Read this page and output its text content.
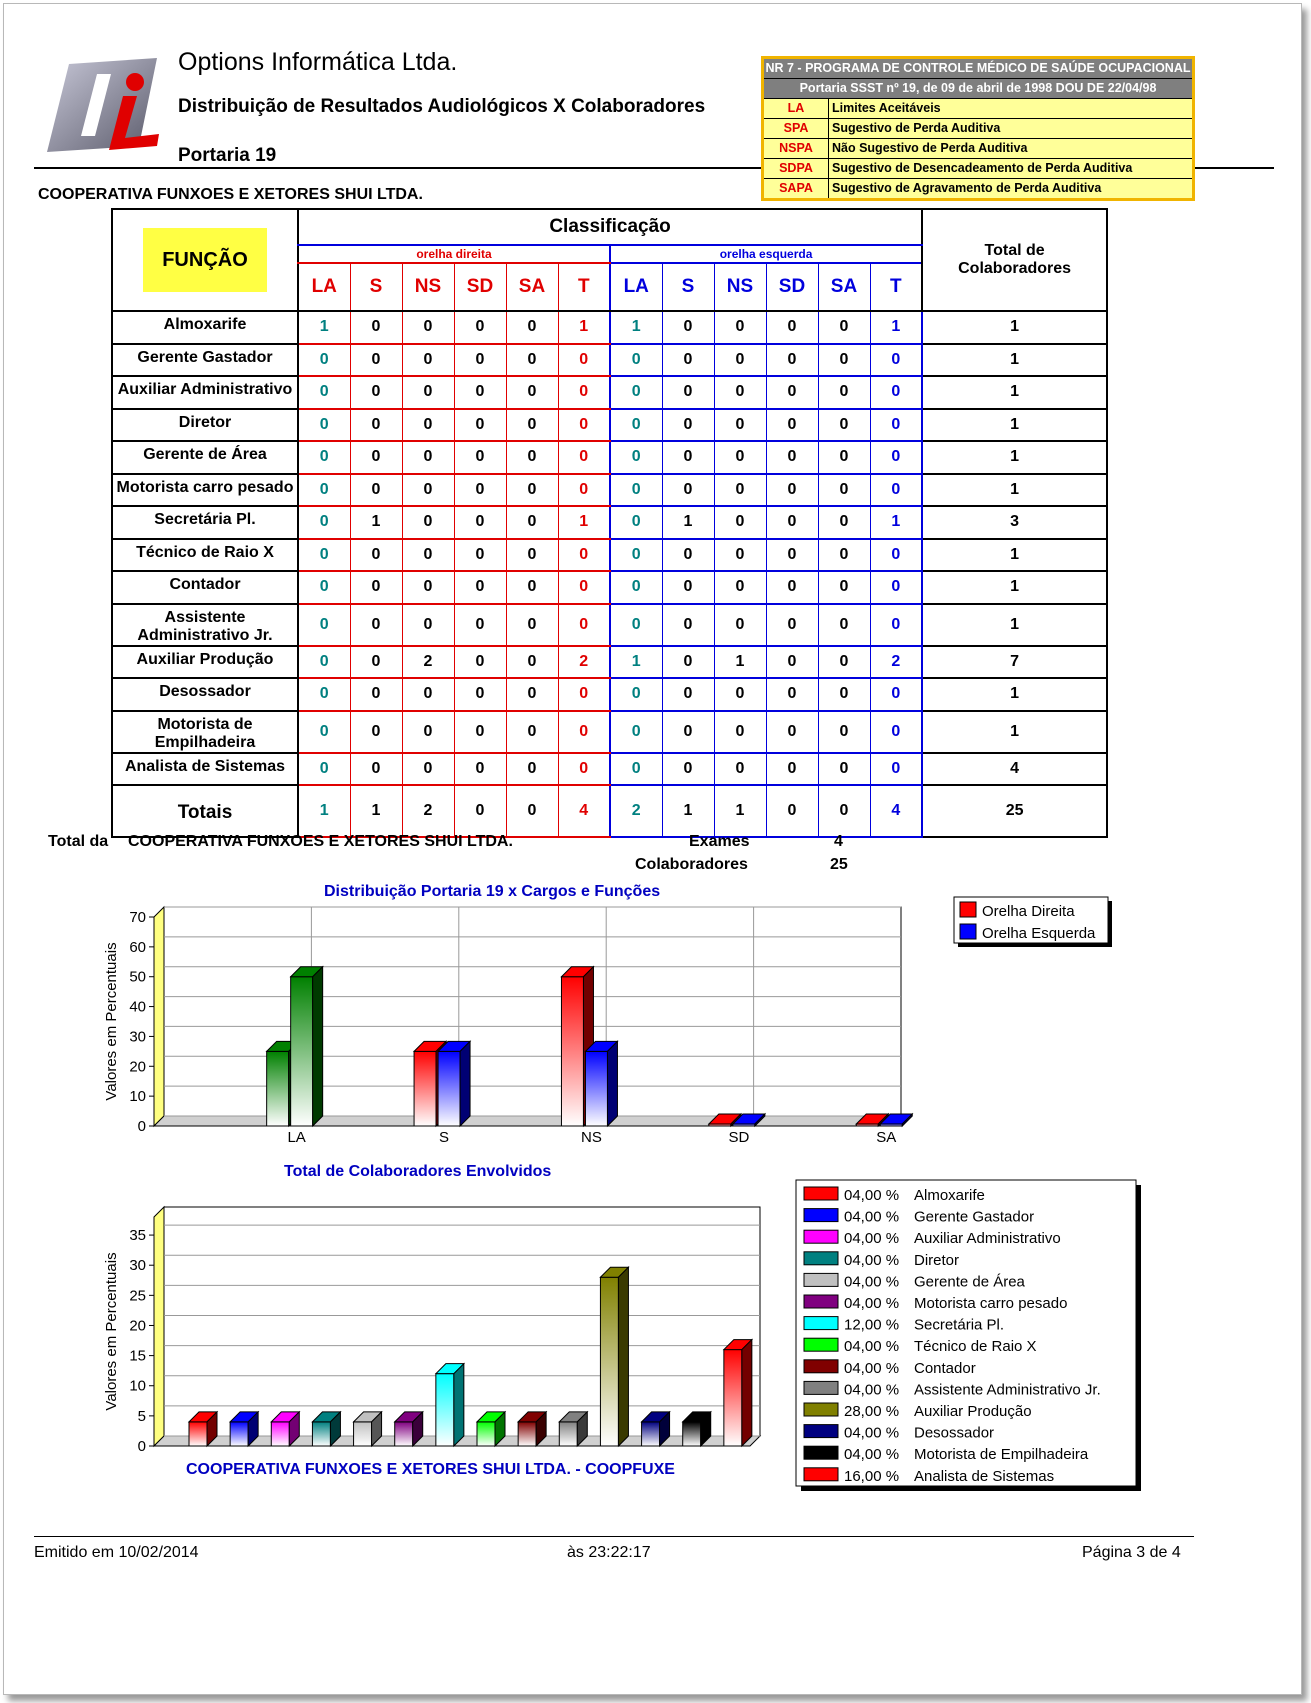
Options Informática Ltda.
Distribuição de Resultados Audiológicos X Colaboradores
Portaria 19
COOPERATIVA FUNXOES E XETORES SHUI LTDA.
NR 7 - PROGRAMA DE CONTROLE MÉDICO DE SAÚDE OCUPACIONAL
Portaria SSST nº 19, de 09 de abril de 1998 DOU DE 22/04/98
LA	Limites Aceitáveis
SPA	Sugestivo de Perda Auditiva
NSPA	Não Sugestivo de Perda Auditiva
SDPA	Sugestivo de Desencadeamento de Perda Auditiva
SAPA	Sugestivo de Agravamento de Perda Auditiva
FUNÇÃO	Classificação												Total de
Colaboradores

	orelha direita						orelha esquerda						
	LA	S	NS	SD	SA	T	LA	S	NS	SD	SA	T	
Almoxarife	1	0	0	0	0	1	1	0	0	0	0	1	1
Gerente Gastador	0	0	0	0	0	0	0	0	0	0	0	0	1
Auxiliar Administrativo	0	0	0	0	0	0	0	0	0	0	0	0	1
Diretor	0	0	0	0	0	0	0	0	0	0	0	0	1
Gerente de Área	0	0	0	0	0	0	0	0	0	0	0	0	1
Motorista carro pesado	0	0	0	0	0	0	0	0	0	0	0	0	1
Secretária Pl.	0	1	0	0	0	1	0	1	0	0	0	1	3
Técnico de Raio X	0	0	0	0	0	0	0	0	0	0	0	0	1
Contador	0	0	0	0	0	0	0	0	0	0	0	0	1
Assistente Administrativo Jr.	0	0	0	0	0	0	0	0	0	0	0	0	1
Auxiliar Produção	0	0	2	0	0	2	1	0	1	0	0	2	7
Desossador	0	0	0	0	0	0	0	0	0	0	0	0	1
Motorista de Empilhadeira	0	0	0	0	0	0	0	0	0	0	0	0	1
Analista de Sistemas	0	0	0	0	0	0	0	0	0	0	0	0	4
Totais	1	1	2	0	0	4	2	1	1	0	0	4	25
Total da COOPERATIVA FUNXOES E XETORES SHUI LTDA.	Exames	4
Colaboradores	25
0
10
20
30
40
50
60
70
LA	S	NS	SD	SA
Distribuição Portaria 19 x Cargos e Funções
Valores em Percentuais
Orelha Direita
Orelha Esquerda
0
5
10
15
20
25
30
35
Total de Colaboradores Envolvidos
COOPERATIVA FUNXOES E XETORES SHUI LTDA. - COOPFUXE
Valores em Percentuais
04,00 % Almoxarife
04,00 % Gerente Gastador
04,00 % Auxiliar Administrativo
04,00 % Diretor
04,00 % Gerente de Área
04,00 % Motorista carro pesado
12,00 % Secretária Pl.
04,00 % Técnico de Raio X
04,00 % Contador
04,00 % Assistente Administrativo Jr.
28,00 % Auxiliar Produção
04,00 % Desossador
04,00 % Motorista de Empilhadeira
16,00 % Analista de Sistemas
Emitido em 10/02/2014	às 23:22:17	Página 3 de 4
